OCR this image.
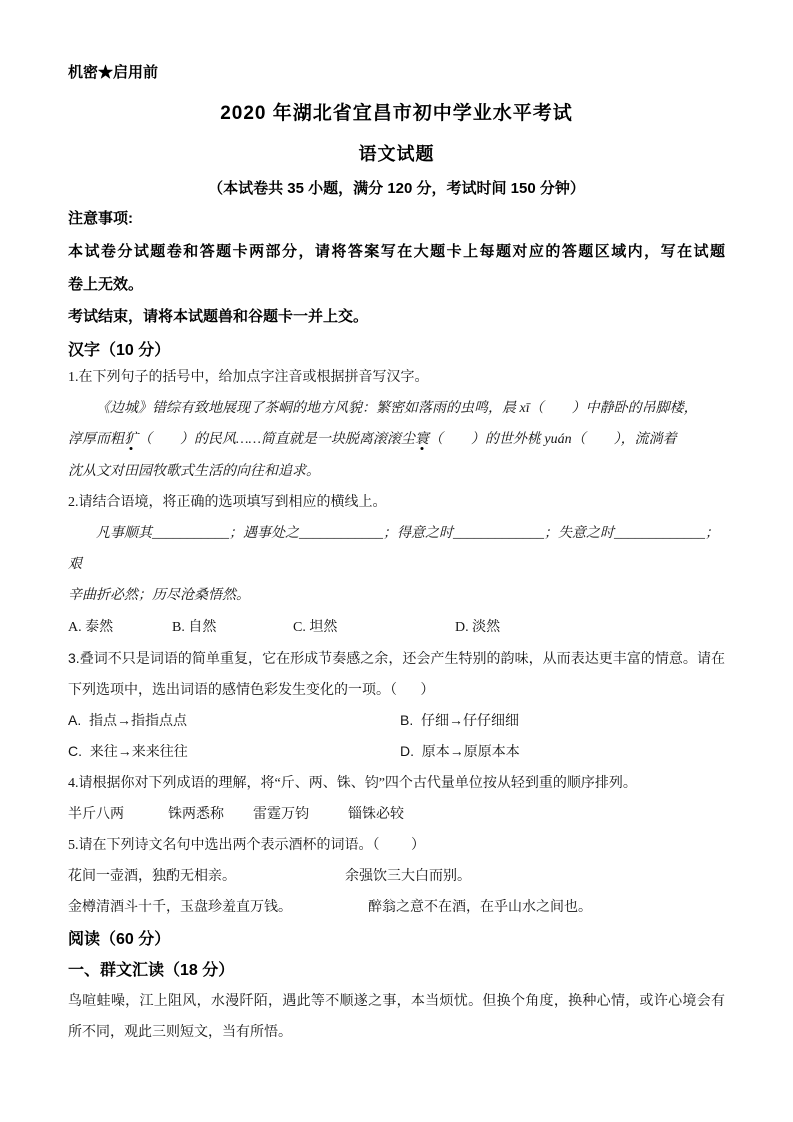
机密★启用前
2020 年湖北省宜昌市初中学业水平考试
语文试题
（本试卷共 35 小题，满分 120 分，考试时间 150 分钟）
注意事项:
本试卷分试题卷和答题卡两部分，请将答案写在大题卡上每题对应的答题区域内，写在试题
卷上无效。
考试结束，请将本试题兽和谷题卡一并上交。
汉字（10 分）
1.在下列句子的括号中，给加点字注音或根据拼音写汉字。
《边城》错综有致地展现了茶峒的地方风貌：繁密如落雨的虫鸣，晨 xī（        ）中静卧的吊脚楼，
淳厚而粗犷（        ）的民风……简直就是一块脱离滚滚尘寰（        ）的世外桃 yuán（        ），流淌着
沈从文对田园牧歌式生活的向往和追求。
2.请结合语境，将正确的选项填写到相应的横线上。
凡事顺其___________；遇事处之____________；得意之时_____________；失意之时_____________；艰
辛曲折必然；历尽沧桑悟然。
A. 泰然	B. 自然	C. 坦然	D. 淡然
3.叠词不只是词语的简单重复，它在形成节奏感之余，还会产生特别的韵味，从而表达更丰富的情意。请在
下列选项中，选出词语的感情色彩发生变化的一项。（      ）
A.  指点→指指点点	B.  仔细→仔仔细细
C.  来往→来来往往	D.  原本→原原本本
4.请根据你对下列成语的理解，将“斤、两、铢、钧”四个古代量单位按从轻到重的顺序排列。
半斤八两	铢两悉称	雷霆万钧	锱铢必较
5.请在下列诗文名句中选出两个表示酒杯的词语。（         ）
花间一壶酒，独酌无相亲。	余强饮三大白而别。
金樽清酒斗十千，玉盘珍羞直万钱。	醉翁之意不在酒，在乎山水之间也。
阅读（60 分）
一、群文汇读（18 分）
鸟喧蛙噪，江上阻风，水漫阡陌，遇此等不顺遂之事，本当烦忧。但换个角度，换种心情，或许心境会有
所不同，观此三则短文，当有所悟。
